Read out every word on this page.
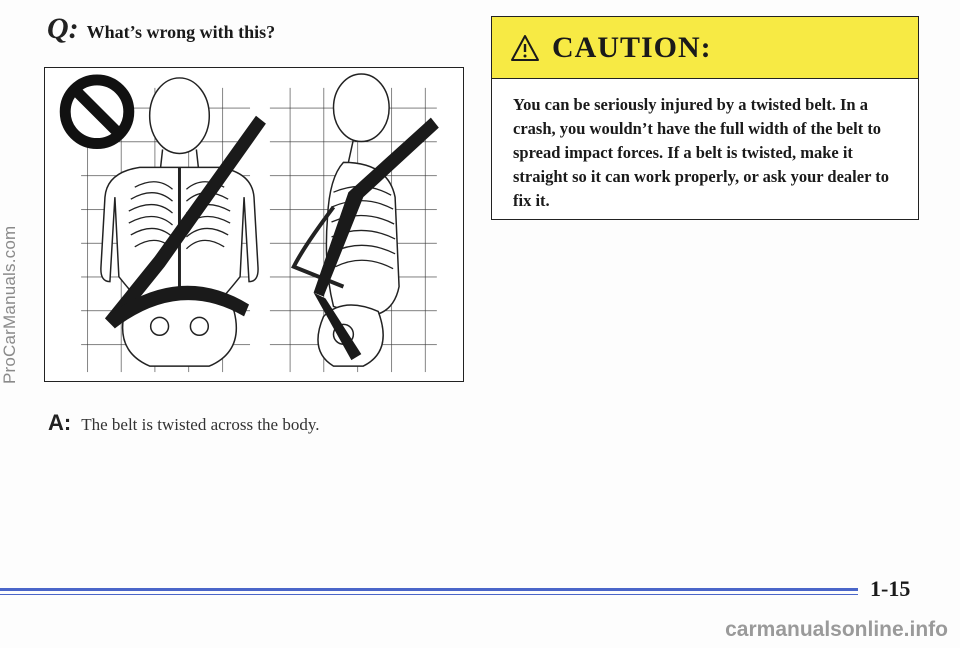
ProCarManuals.com
Q: What’s wrong with this?
A: The belt is twisted across the body.
CAUTION:
You can be seriously injured by a twisted belt. In a crash, you wouldn’t have the full width of the belt to spread impact forces. If a belt is twisted, make it straight so it can work properly, or ask your dealer to fix it.
1-15
carmanualsonline.info
